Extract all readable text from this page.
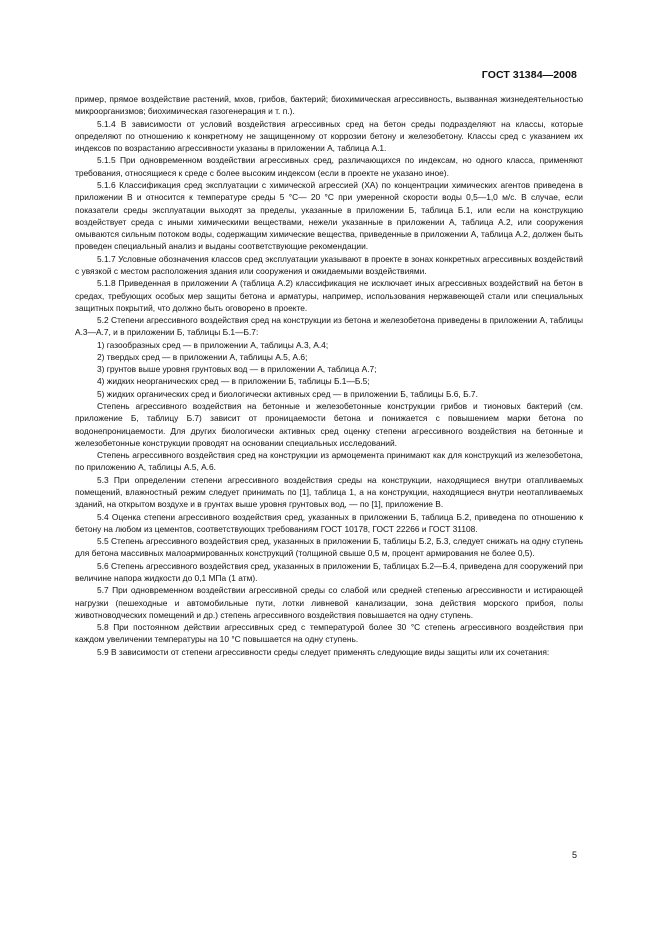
ГОСТ 31384—2008

пример, прямое воздействие растений, мхов, грибов, бактерий; биохимическая агрессивность, вызванная жизнедеятельностью микроорганизмов; биохимическая газогенерация и т. п.).

5.1.4 В зависимости от условий воздействия агрессивных сред на бетон среды подразделяют на классы, которые определяют по отношению к конкретному не защищенному от коррозии бетону и железобетону. Классы сред с указанием их индексов по возрастанию агрессивности указаны в приложении А, таблица А.1.

5.1.5 При одновременном воздействии агрессивных сред, различающихся по индексам, но одного класса, применяют требования, относящиеся к среде с более высоким индексом (если в проекте не указано иное).

5.1.6 Классификация сред эксплуатации с химической агрессией (ХА) по концентрации химических агентов приведена в приложении В и относится к температуре среды 5 °С— 20 °С при умеренной скорости воды 0,5—1,0 м/с. В случае, если показатели среды эксплуатации выходят за пределы, указанные в приложении Б, таблица Б.1, или если на конструкцию воздействует среда с иными химическими веществами, нежели указанные в приложении А, таблица А.2, или сооружения омываются сильным потоком воды, содержащим химические вещества, приведенные в приложении А, таблица А.2, должен быть проведен специальный анализ и выданы соответствующие рекомендации.

5.1.7 Условные обозначения классов сред эксплуатации указывают в проекте в зонах конкретных агрессивных воздействий с увязкой с местом расположения здания или сооружения и ожидаемыми воздействиями.

5.1.8 Приведенная в приложении А (таблица А.2) классификация не исключает иных агрессивных воздействий на бетон в средах, требующих особых мер защиты бетона и арматуры, например, использования нержавеющей стали или специальных защитных покрытий, что должно быть оговорено в проекте.

5.2 Степени агрессивного воздействия сред на конструкции из бетона и железобетона приведены в приложении А, таблицы А.3—А.7, и в приложении Б, таблицы Б.1—Б.7:

1) газообразных сред — в приложении А, таблицы А.3, А.4;

2) твердых сред — в приложении А, таблицы А.5, А.6;

3) грунтов выше уровня грунтовых вод — в приложении А, таблица А.7;

4) жидких неорганических сред — в приложении Б, таблицы Б.1—Б.5;

5) жидких органических сред и биологически активных сред — в приложении Б, таблицы Б.6, Б.7.

Степень агрессивного воздействия на бетонные и железобетонные конструкции грибов и тионовых бактерий (см. приложение Б, таблицу Б.7) зависит от проницаемости бетона и понижается с повышением марки бетона по водонепроницаемости. Для других биологически активных сред оценку степени агрессивного воздействия на бетонные и железобетонные конструкции проводят на основании специальных исследований.

Степень агрессивного воздействия сред на конструкции из армоцемента принимают как для конструкций из железобетона, по приложению А, таблицы А.5, А.6.

5.3 При определении степени агрессивного воздействия среды на конструкции, находящиеся внутри отапливаемых помещений, влажностный режим следует принимать по [1], таблица 1, а на конструкции, находящиеся внутри неотапливаемых зданий, на открытом воздухе и в грунтах выше уровня грунтовых вод, — по [1], приложение В.

5.4 Оценка степени агрессивного воздействия сред, указанных в приложении Б, таблица Б.2, приведена по отношению к бетону на любом из цементов, соответствующих требованиям ГОСТ 10178, ГОСТ 22266 и ГОСТ 31108.

5.5 Степень агрессивного воздействия сред, указанных в приложении Б, таблицы Б.2, Б.3, следует снижать на одну ступень для бетона массивных малоармированных конструкций (толщиной свыше 0,5 м, процент армирования не более 0,5).

5.6 Степень агрессивного воздействия сред, указанных в приложении Б, таблицах Б.2—Б.4, приведена для сооружений при величине напора жидкости до 0,1 МПа (1 атм).

5.7 При одновременном воздействии агрессивной среды со слабой или средней степенью агрессивности и истирающей нагрузки (пешеходные и автомобильные пути, лотки ливневой канализации, зона действия морского прибоя, полы животноводческих помещений и др.) степень агрессивного воздействия повышается на одну ступень.

5.8 При постоянном действии агрессивных сред с температурой более 30 °С степень агрессивного воздействия при каждом увеличении температуры на 10 °С повышается на одну ступень.

5.9 В зависимости от степени агрессивности среды следует применять следующие виды защиты или их сочетания:

5
